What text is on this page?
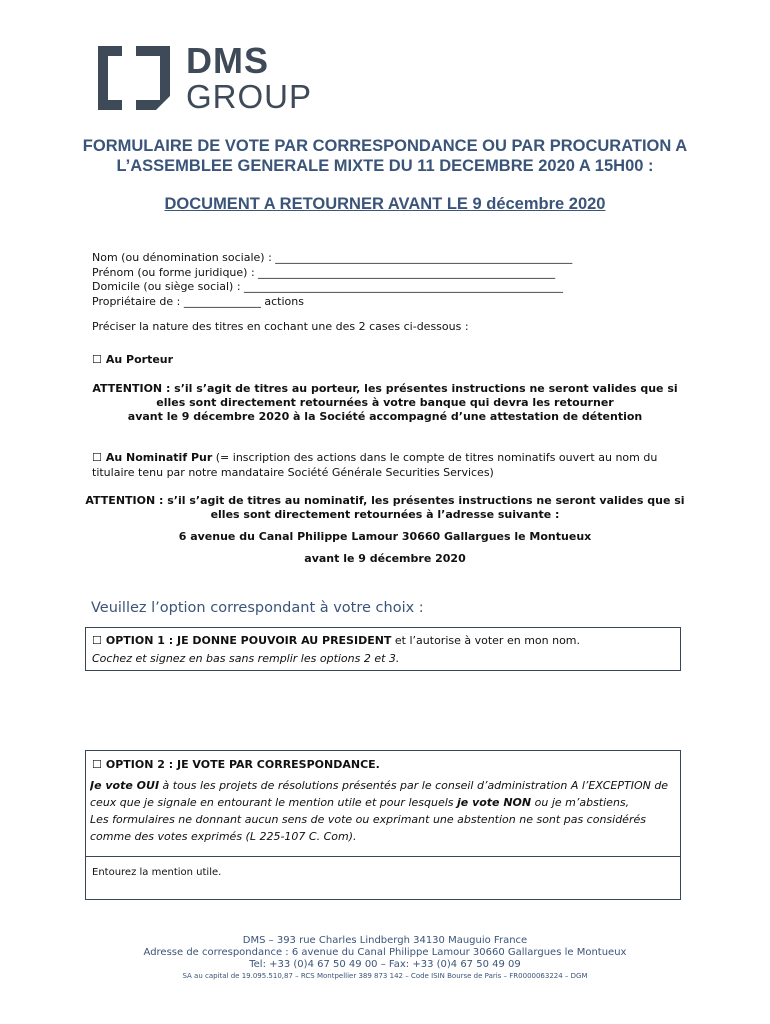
DMS
GROUP
FORMULAIRE DE VOTE PAR CORRESPONDANCE OU PAR PROCURATION A
L’ASSEMBLEE GENERALE MIXTE DU 11 DECEMBRE 2020 A 15H00 :
DOCUMENT A RETOURNER AVANT LE 9 décembre 2020
Nom (ou dénomination sociale) : ______________________________________________________
Prénom (ou forme juridique) : ______________________________________________________
Domicile (ou siège social) : __________________________________________________________
Propriétaire de : ______________ actions
Préciser la nature des titres en cochant une des 2 cases ci-dessous :
☐ Au Porteur
ATTENTION : s’il s’agit de titres au porteur, les présentes instructions ne seront valides que si
elles sont directement retournées à votre banque qui devra les retourner
avant le 9 décembre 2020 à la Société accompagné d’une attestation de détention
☐ Au Nominatif Pur (= inscription des actions dans le compte de titres nominatifs ouvert au nom du
titulaire tenu par notre mandataire Société Générale Securities Services)
ATTENTION : s’il s’agit de titres au nominatif, les présentes instructions ne seront valides que si
elles sont directement retournées à l’adresse suivante :
6 avenue du Canal Philippe Lamour 30660 Gallargues le Montueux
avant le 9 décembre 2020
Veuillez l’option correspondant à votre choix :
☐ OPTION 1 : JE DONNE POUVOIR AU PRESIDENT et l’autorise à voter en mon nom.
Cochez et signez en bas sans remplir les options 2 et 3.
☐ OPTION 2 : JE VOTE PAR CORRESPONDANCE.
Je vote OUI à tous les projets de résolutions présentés par le conseil d’administration A l’EXCEPTION de
ceux que je signale en entourant le mention utile et pour lesquels je vote NON ou je m’abstiens,
Les formulaires ne donnant aucun sens de vote ou exprimant une abstention ne sont pas considérés
comme des votes exprimés (L 225-107 C. Com).
Entourez la mention utile.
DMS – 393 rue Charles Lindbergh 34130 Mauguio France
Adresse de correspondance : 6 avenue du Canal Philippe Lamour 30660 Gallargues le Montueux
Tel: +33 (0)4 67 50 49 00 – Fax: +33 (0)4 67 50 49 09
SA au capital de 19.095.510,87 – RCS Montpellier 389 873 142 – Code ISIN Bourse de Paris – FR0000063224 – DGM
